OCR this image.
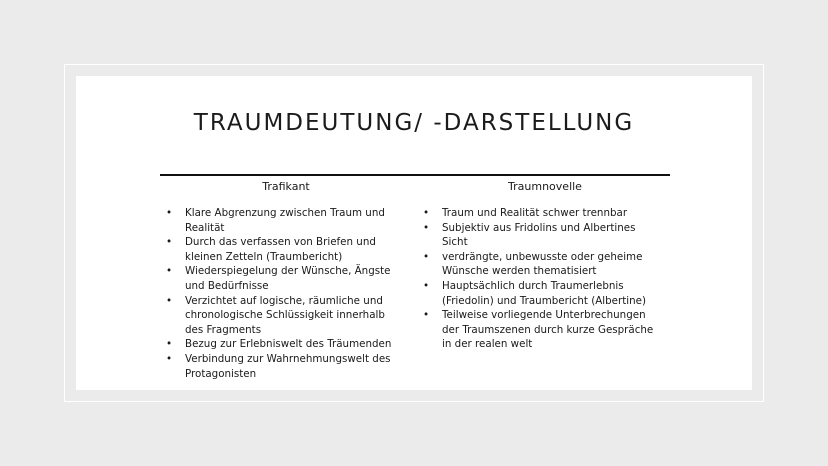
TRAUMDEUTUNG/ -DARSTELLUNG
Trafikant	Traumnovelle
• Klare Abgrenzung zwischen Traum und Realität
• Durch das verfassen von Briefen und kleinen Zetteln (Traumbericht)
• Wiederspiegelung der Wünsche, Ängste und Bedürfnisse
• Verzichtet auf logische, räumliche und chronologische Schlüssigkeit innerhalb des Fragments
• Bezug zur Erlebniswelt des Träumenden
• Verbindung zur Wahrnehmungswelt des Protagonisten
• Traum und Realität schwer trennbar
• Subjektiv aus Fridolins und Albertines Sicht
• verdrängte, unbewusste oder geheime Wünsche werden thematisiert
• Hauptsächlich durch Traumerlebnis (Friedolin) und Traumbericht (Albertine)
• Teilweise vorliegende Unterbrechungen der Traumszenen durch kurze Gespräche in der realen welt
